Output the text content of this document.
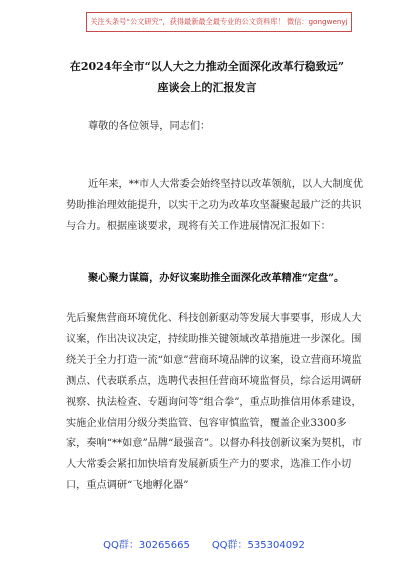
关注头条号“公文研究”，获得最新最全最专业的公文资料库！ 微信：gongwenyj
在2024年全市“以人大之力推动全面深化改革行稳致远”
座谈会上的汇报发言
尊敬的各位领导，同志们：
近年来，**市人大常委会始终坚持以改革领航，以人大制度优势助推治理效能提升，以实干之功为改革攻坚凝聚起最广泛的共识与合力。根据座谈要求，现将有关工作进展情况汇报如下：
聚心聚力谋篇，办好议案助推全面深化改革精准“定盘”。
先后聚焦营商环境优化、科技创新驱动等发展大事要事，形成人大议案，作出决议决定，持续助推关键领域改革措施进一步深化。围绕关于全力打造一流“如意”营商环境品牌的议案，设立营商环境监测点、代表联系点，选聘代表担任营商环境监督员，综合运用调研视察、执法检查、专题询问等“组合拳”，重点助推信用体系建设，实施企业信用分级分类监管、包容审慎监管，覆盖企业3300多家，奏响“**如意”品牌“最强音”。以督办科技创新议案为契机，市人大常委会紧扣加快培育发展新质生产力的要求，选准工作小切口，重点调研“飞地孵化器”
QQ群：30265665 QQ群：535304092
